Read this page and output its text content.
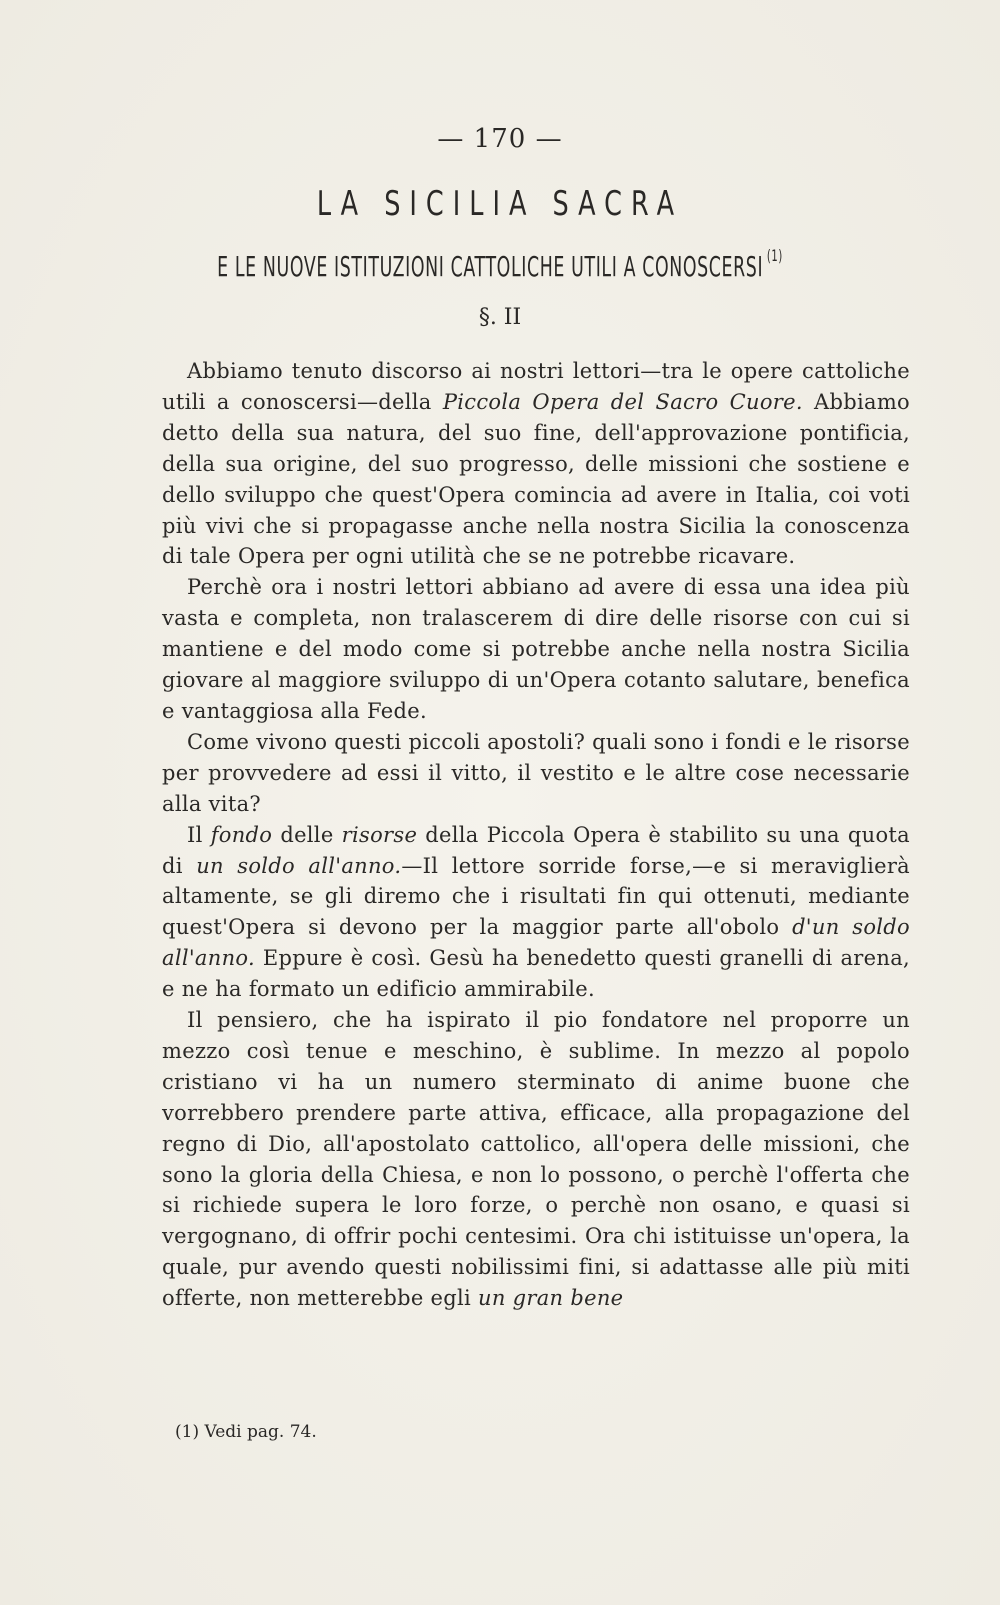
— 170 —
LA SICILIA SACRA
E LE NUOVE ISTITUZIONI CATTOLICHE UTILI A CONOSCERSI $^{(1)}$
§. II

Abbiamo tenuto discorso ai nostri lettori—tra le opere cattoliche utili a conoscersi—della Piccola Opera del Sacro Cuore. Abbiamo detto della sua natura, del suo fine, dell'approvazione pontificia, della sua origine, del suo progresso, delle missioni che sostiene e dello sviluppo che quest'Opera comincia ad avere in Italia, coi voti più vivi che si propagasse anche nella nostra Sicilia la conoscenza di tale Opera per ogni utilità che se ne potrebbe ricavare.

Perchè ora i nostri lettori abbiano ad avere di essa una idea più vasta e completa, non tralascerem di dire delle risorse con cui si mantiene e del modo come si potrebbe anche nella nostra Sicilia giovare al maggiore sviluppo di un'Opera cotanto salutare, benefica e vantaggiosa alla Fede.

Come vivono questi piccoli apostoli? quali sono i fondi e le risorse per provvedere ad essi il vitto, il vestito e le altre cose necessarie alla vita?

Il fondo delle risorse della Piccola Opera è stabilito su una quota di un soldo all'anno.—Il lettore sorride forse,—e si meraviglierà altamente, se gli diremo che i risultati fin qui ottenuti, mediante quest'Opera si devono per la maggior parte all'obolo d'un soldo all'anno. Eppure è così. Gesù ha benedetto questi granelli di arena, e ne ha formato un edificio ammirabile.

Il pensiero, che ha ispirato il pio fondatore nel proporre un mezzo così tenue e meschino, è sublime. In mezzo al popolo cristiano vi ha un numero sterminato di anime buone che vorrebbero prendere parte attiva, efficace, alla propagazione del regno di Dio, all'apostolato cattolico, all'opera delle missioni, che sono la gloria della Chiesa, e non lo possono, o perchè l'offerta che si richiede supera le loro forze, o perchè non osano, e quasi si vergognano, di offrir pochi centesimi. Ora chi istituisse un'opera, la quale, pur avendo questi nobilissimi fini, si adattasse alle più miti offerte, non metterebbe egli un gran bene

(1) Vedi pag. 74.
